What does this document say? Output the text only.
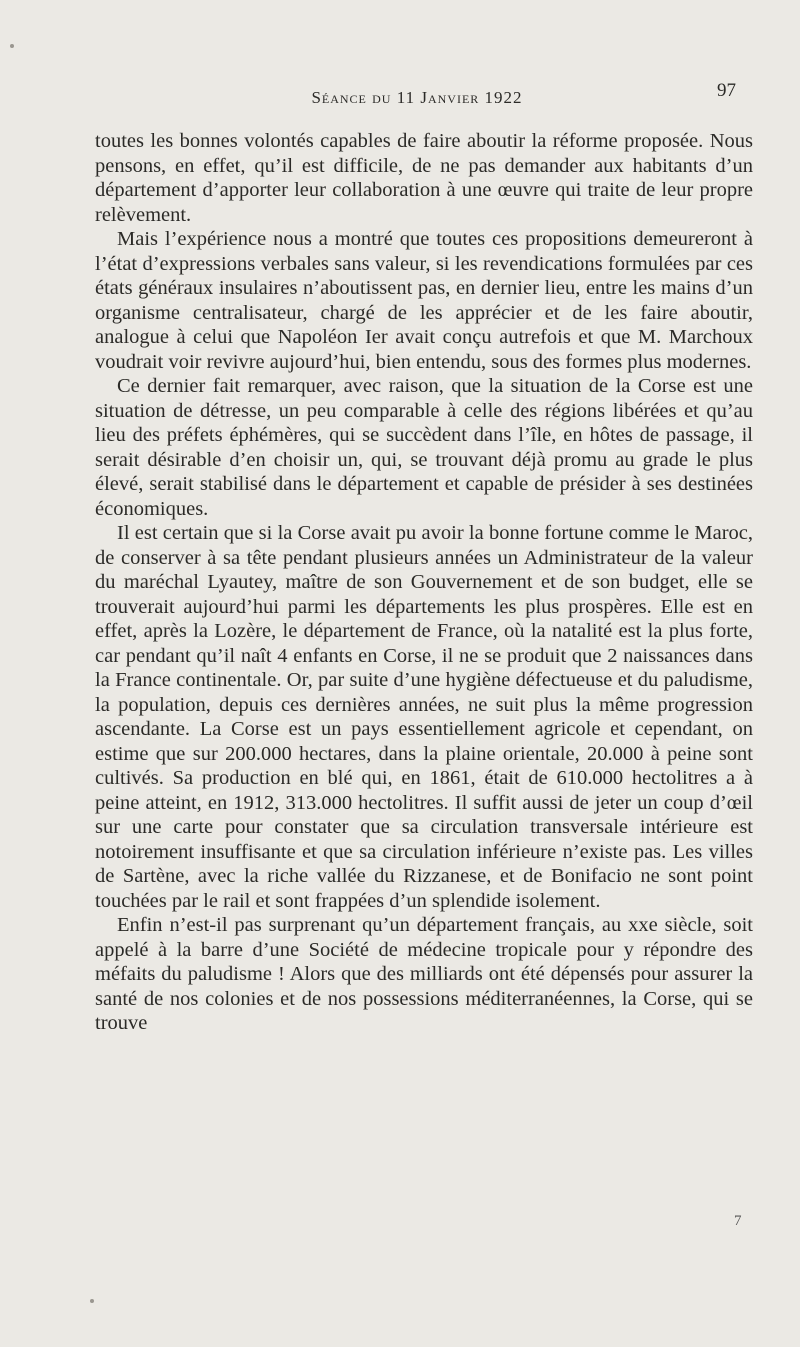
Séance du 11 Janvier 1922	97

toutes les bonnes volontés capables de faire aboutir la réforme proposée. Nous pensons, en effet, qu’il est difficile, de ne pas demander aux habitants d’un département d’apporter leur collaboration à une œuvre qui traite de leur propre relèvement.

Mais l’expérience nous a montré que toutes ces propositions demeureront à l’état d’expressions verbales sans valeur, si les revendications formulées par ces états généraux insulaires n’aboutissent pas, en dernier lieu, entre les mains d’un organisme centralisateur, chargé de les apprécier et de les faire aboutir, analogue à celui que Napoléon Ier avait conçu autrefois et que M. Marchoux voudrait voir revivre aujourd’hui, bien entendu, sous des formes plus modernes.

Ce dernier fait remarquer, avec raison, que la situation de la Corse est une situation de détresse, un peu comparable à celle des régions libérées et qu’au lieu des préfets éphémères, qui se succèdent dans l’île, en hôtes de passage, il serait désirable d’en choisir un, qui, se trouvant déjà promu au grade le plus élevé, serait stabilisé dans le département et capable de présider à ses destinées économiques.

Il est certain que si la Corse avait pu avoir la bonne fortune comme le Maroc, de conserver à sa tête pendant plusieurs années un Administrateur de la valeur du maréchal Lyautey, maître de son Gouvernement et de son budget, elle se trouverait aujourd’hui parmi les départements les plus prospères. Elle est en effet, après la Lozère, le département de France, où la natalité est la plus forte, car pendant qu’il naît 4 enfants en Corse, il ne se produit que 2 naissances dans la France continentale. Or, par suite d’une hygiène défectueuse et du paludisme, la population, depuis ces dernières années, ne suit plus la même progression ascendante. La Corse est un pays essentiellement agricole et cependant, on estime que sur 200.000 hectares, dans la plaine orientale, 20.000 à peine sont cultivés. Sa production en blé qui, en 1861, était de 610.000 hectolitres a à peine atteint, en 1912, 313.000 hectolitres. Il suffit aussi de jeter un coup d’œil sur une carte pour constater que sa circulation transversale intérieure est notoirement insuffisante et que sa circulation inférieure n’existe pas. Les villes de Sartène, avec la riche vallée du Rizzanese, et de Bonifacio ne sont point touchées par le rail et sont frappées d’un splendide isolement.

Enfin n’est-il pas surprenant qu’un département français, au xxe siècle, soit appelé à la barre d’une Société de médecine tropicale pour y répondre des méfaits du paludisme ! Alors que des milliards ont été dépensés pour assurer la santé de nos colonies et de nos possessions méditerranéennes, la Corse, qui se trouve

7
